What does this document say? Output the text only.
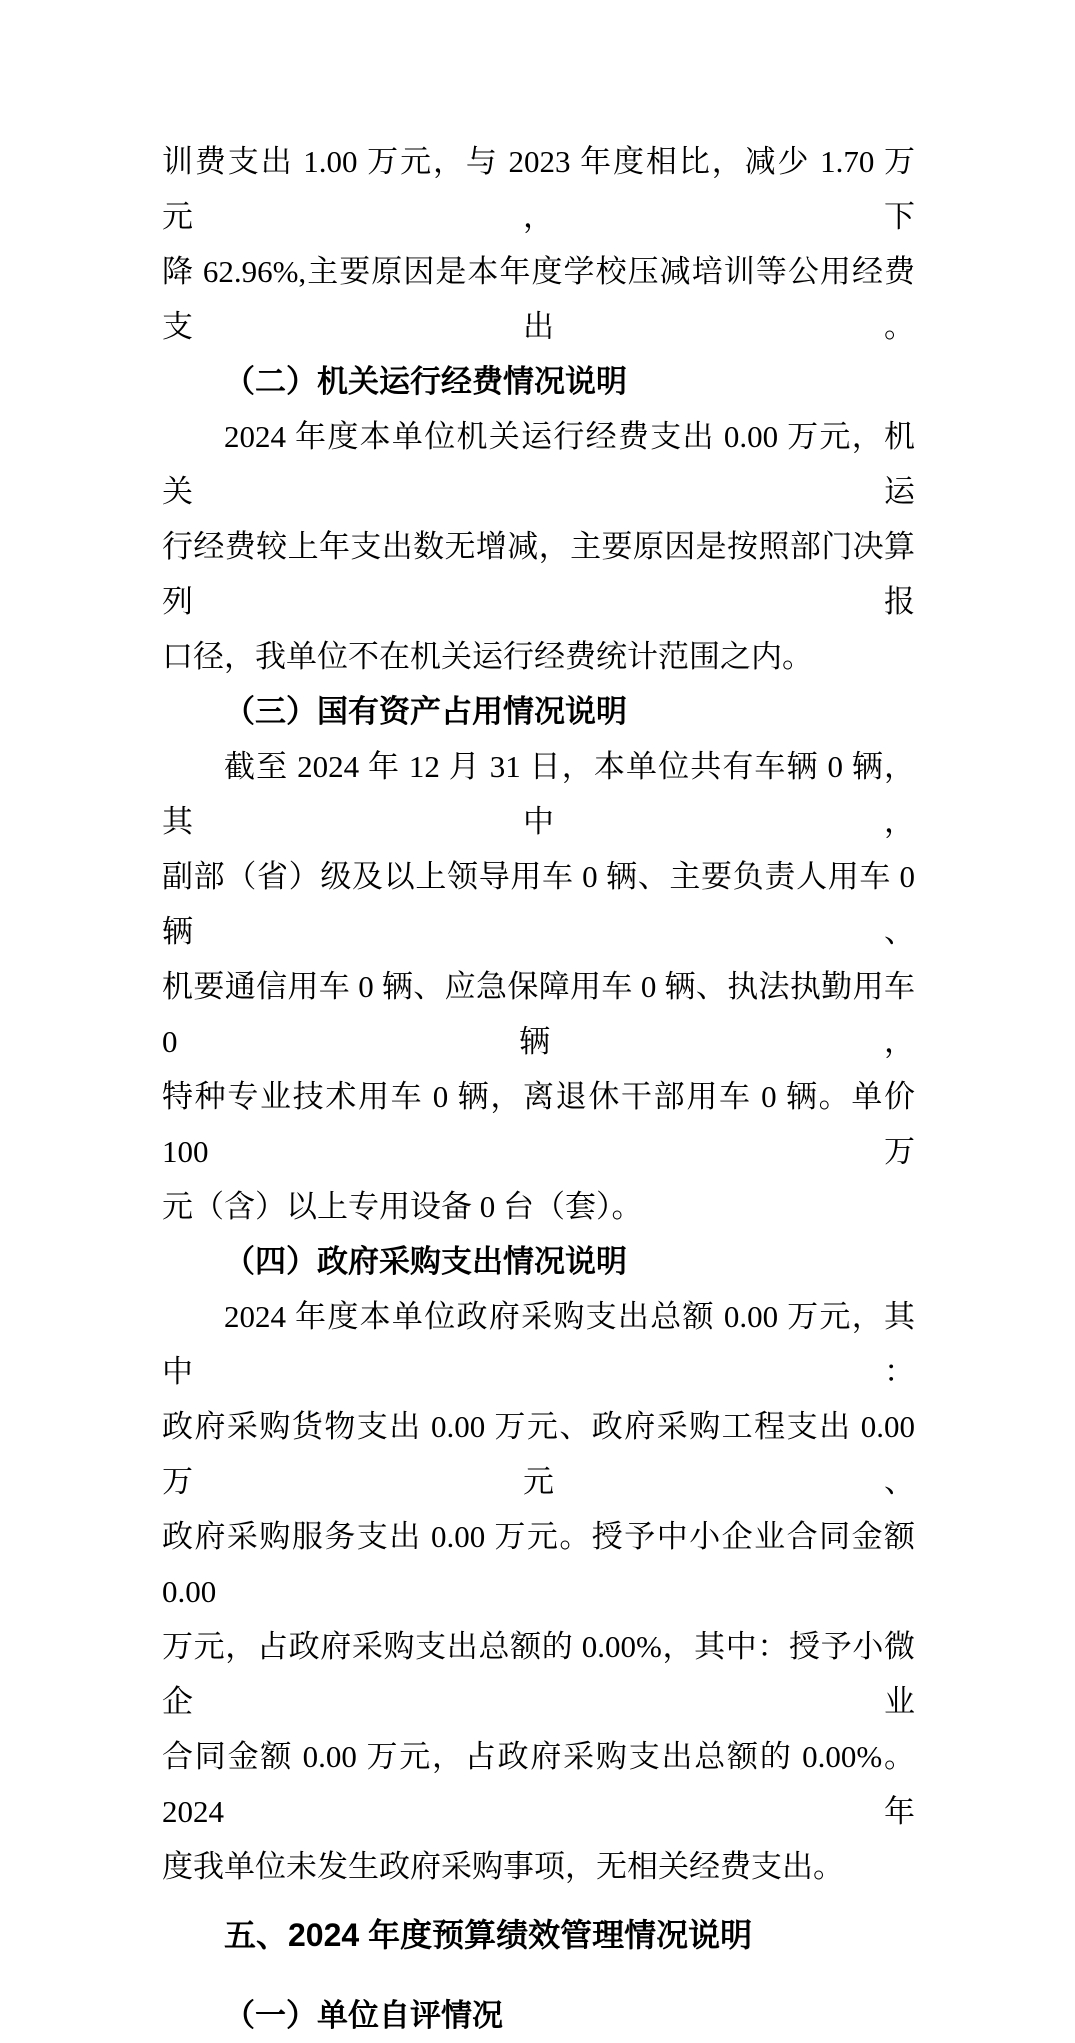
训费支出 1.00 万元，与 2023 年度相比，减少 1.70 万元，下
降 62.96%,主要原因是本年度学校压减培训等公用经费支出。
（二）机关运行经费情况说明
2024 年度本单位机关运行经费支出 0.00 万元，机关运
行经费较上年支出数无增减，主要原因是按照部门决算列报
口径，我单位不在机关运行经费统计范围之内。
（三）国有资产占用情况说明
截至 2024 年 12 月 31 日，本单位共有车辆 0 辆，其中，
副部（省）级及以上领导用车 0 辆、主要负责人用车 0 辆、
机要通信用车 0 辆、应急保障用车 0 辆、执法执勤用车 0 辆，
特种专业技术用车 0 辆，离退休干部用车 0 辆。单价 100 万
元（含）以上专用设备 0 台（套）。
（四）政府采购支出情况说明
2024 年度本单位政府采购支出总额 0.00 万元，其中：
政府采购货物支出 0.00 万元、政府采购工程支出 0.00 万元、
政府采购服务支出 0.00 万元。授予中小企业合同金额 0.00
万元，占政府采购支出总额的 0.00%，其中：授予小微企业
合同金额 0.00 万元，占政府采购支出总额的 0.00%。2024 年
度我单位未发生政府采购事项，无相关经费支出。
五、2024 年度预算绩效管理情况说明
（一）单位自评情况
